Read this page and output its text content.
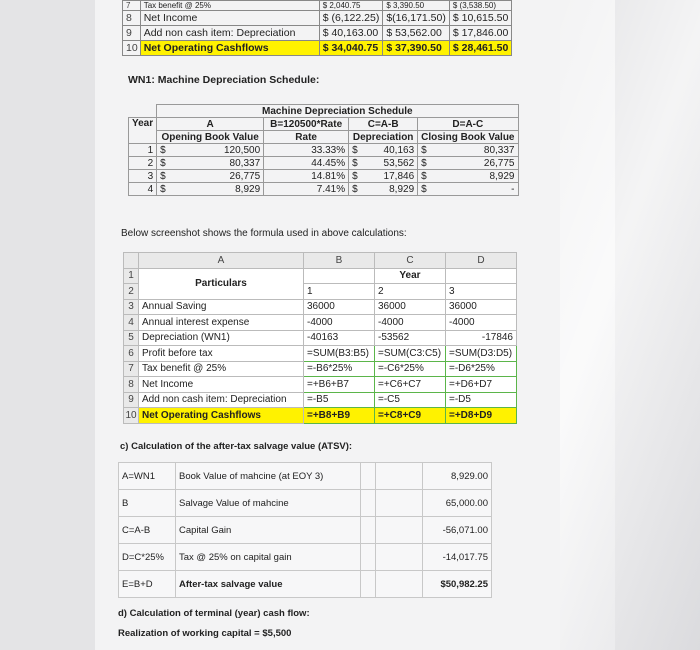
7	Tax benefit @ 25%	$ 2,040.75	$ 3,390.50	$ (3,538.50)
8	Net Income	$ (6,122.25)	$(16,171.50)	$ 10,615.50
9	Add non cash item: Depreciation	$ 40,163.00	$ 53,562.00	$ 17,846.00
10	Net Operating Cashflows	$ 34,040.75	$ 37,390.50	$ 28,461.50
WN1: Machine Depreciation Schedule:
	Machine Depreciation Schedule					
Year	A		B=120500*Rate	C=A-B		D=A-C
	Opening Book Value		Rate	Depreciation		Closing Book Value
1	$	120,500	33.33%	$	40,163	$ 80,337
2	$	80,337	44.45%	$	53,562	$ 26,775
3	$	26,775	14.81%	$	17,846	$ 8,929
4	$	8,929	7.41%	$	8,929	$ -
Below screenshot shows the formula used in above calculations:
	A	B	C	D
1	Particulars		Year	
2		1	2	3
3	Annual Saving	36000	36000	36000
4	Annual interest expense	-4000	-4000	-4000
5	Depreciation (WN1)	-40163	-53562	-17846
6	Profit before tax	=SUM(B3:B5)	=SUM(C3:C5)	=SUM(D3:D5)
7	Tax benefit @ 25%	=-B6*25%	=-C6*25%	=-D6*25%
8	Net Income	=+B6+B7	=+C6+C7	=+D6+D7
9	Add non cash item: Depreciation	=-B5	=-C5	=-D5
10	Net Operating Cashflows	=+B8+B9	=+C8+C9	=+D8+D9
c) Calculation of the after-tax salvage value (ATSV):
A=WN1	Book Value of mahcine (at EOY 3)			8,929.00
B	Salvage Value of mahcine			65,000.00
C=A-B	Capital Gain			-56,071.00
D=C*25%	Tax @ 25% on capital gain			-14,017.75
E=B+D	After-tax salvage value			$50,982.25
d) Calculation of terminal (year) cash flow:
Realization of working capital = $5,500
